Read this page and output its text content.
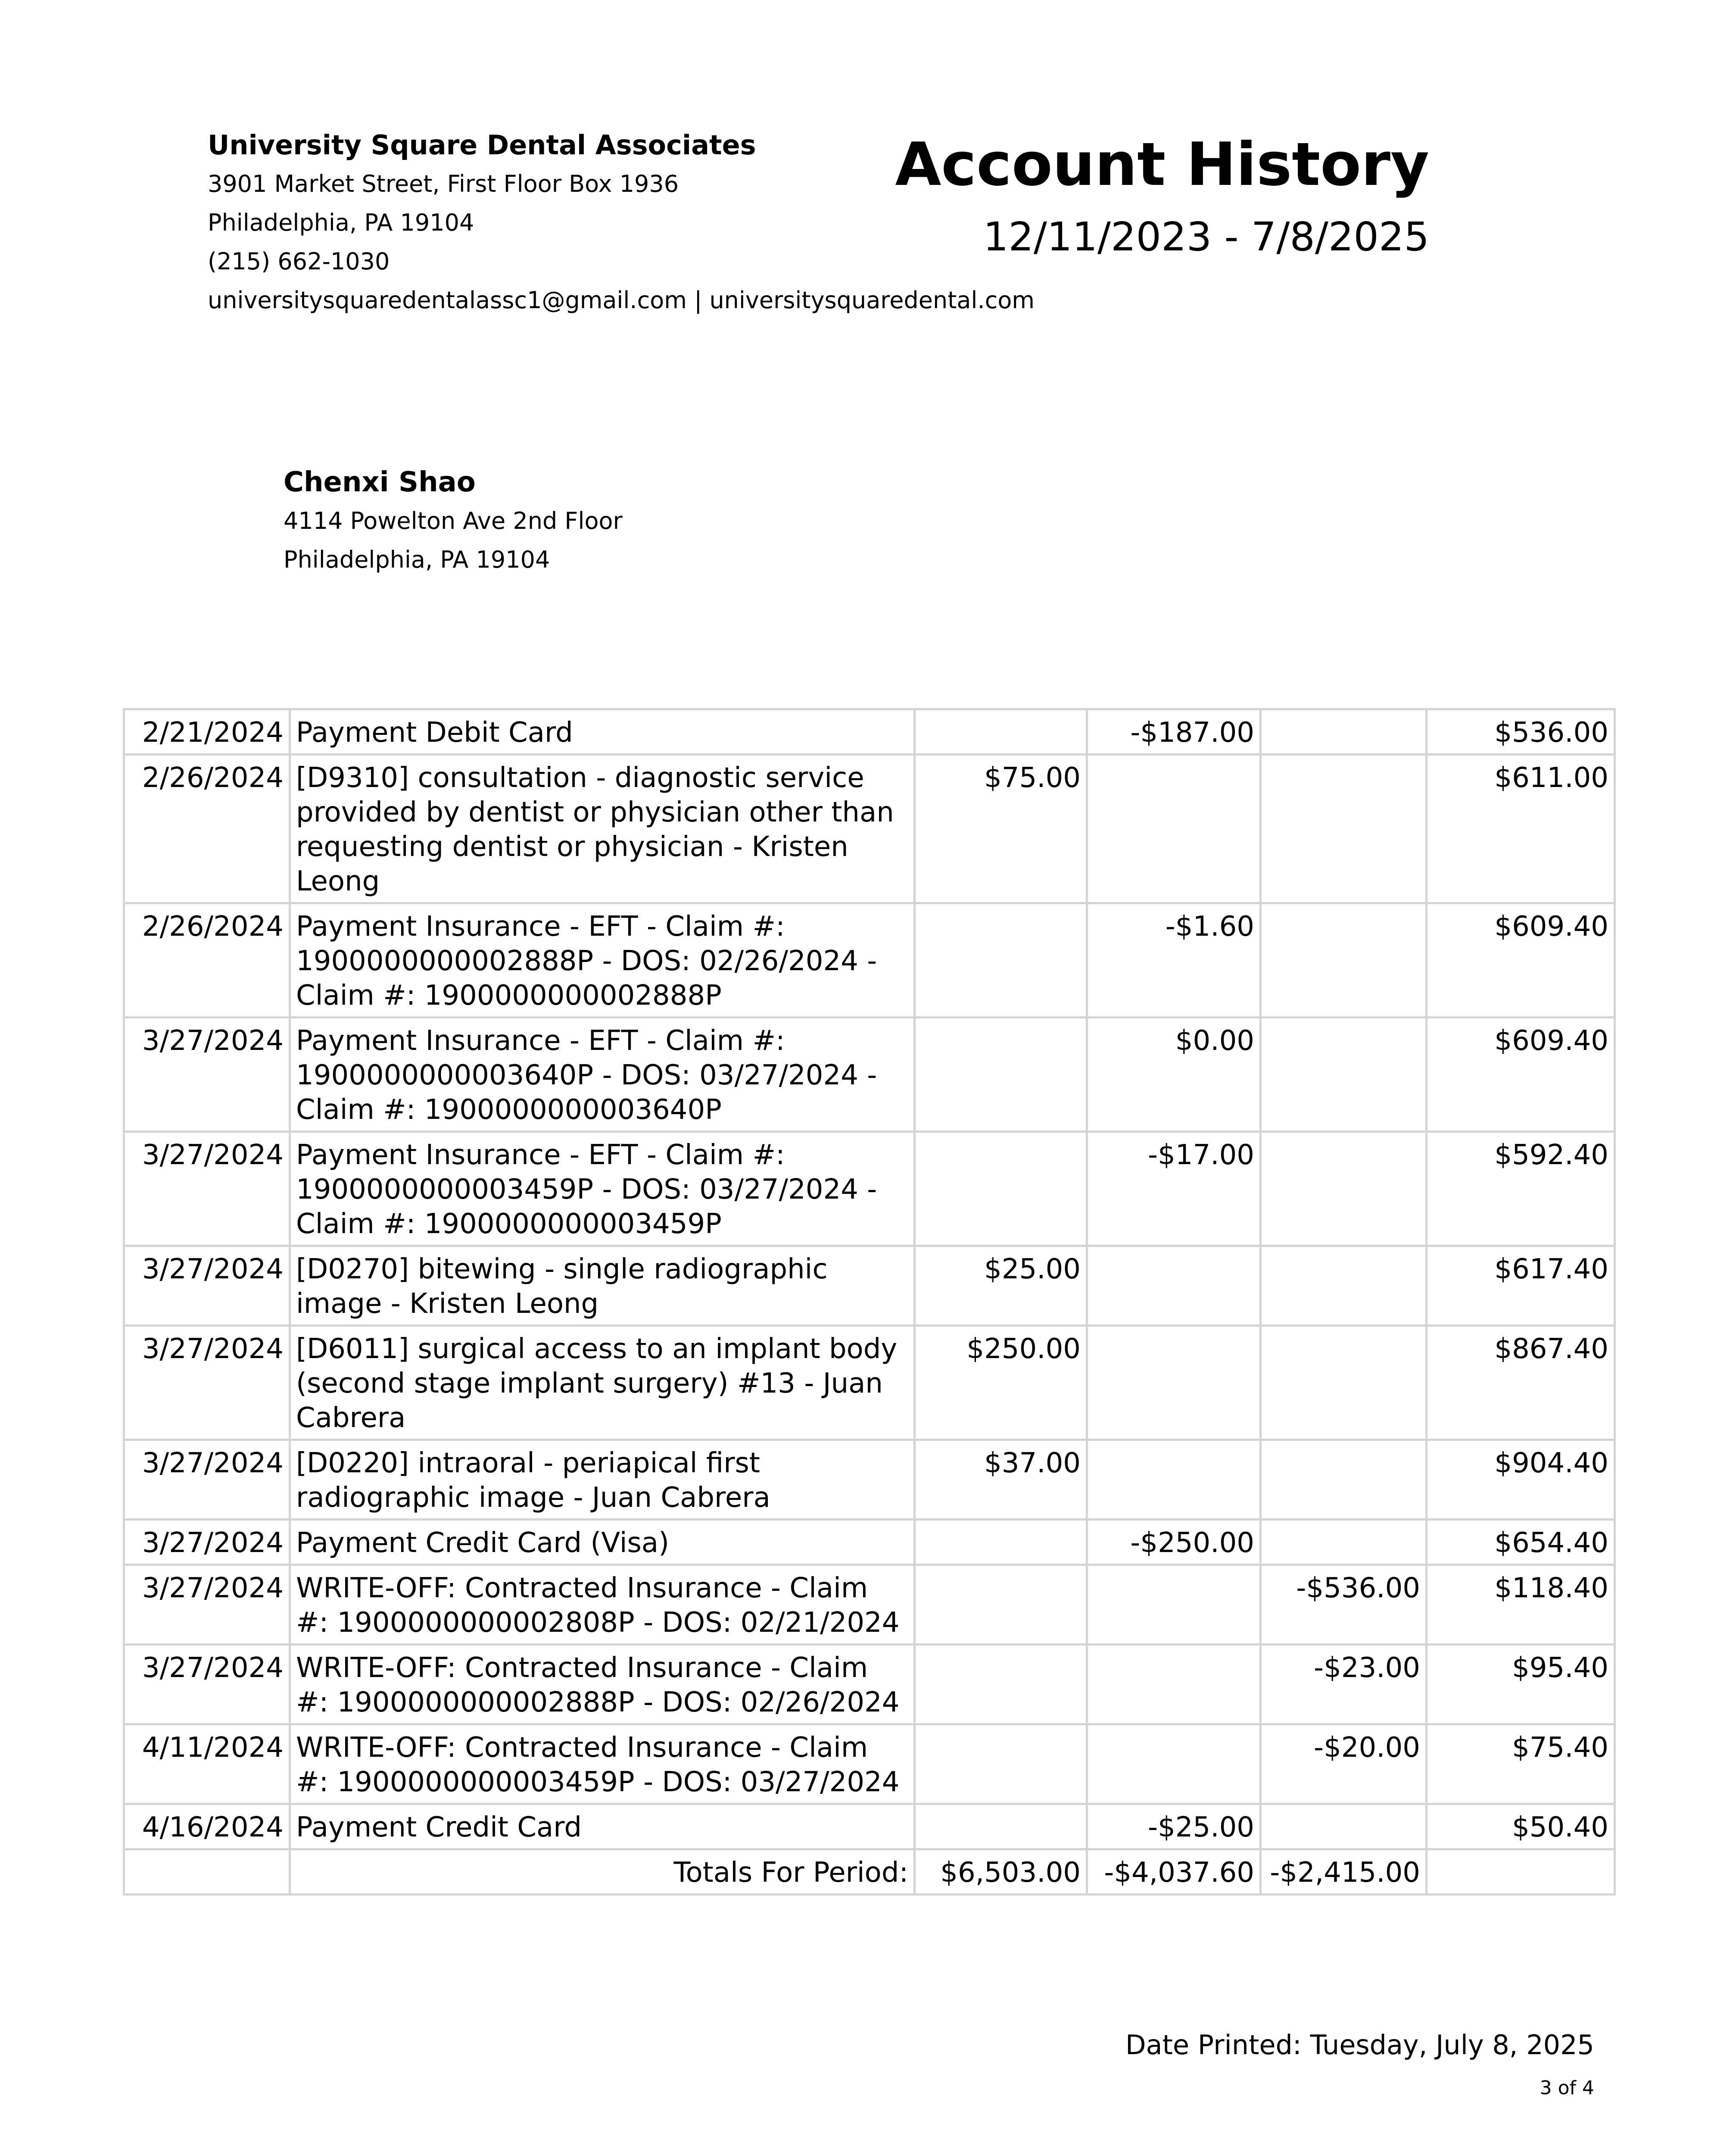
University Square Dental Associates
3901 Market Street, First Floor Box 1936
Philadelphia, PA 19104
(215) 662-1030
universitysquaredentalassc1@gmail.com | universitysquaredental.com
Account History
12/11/2023 - 7/8/2025
Chenxi Shao
4114 Powelton Ave 2nd Floor
Philadelphia, PA 19104
2/21/2024	Payment Debit Card		-$187.00		$536.00
2/26/2024	[D9310] consultation - diagnostic service provided by dentist or physician other than requesting dentist or physician - Kristen Leong	$75.00			$611.00
2/26/2024	Payment Insurance - EFT - Claim #: 1900000000002888P - DOS: 02/26/2024 - Claim #: 1900000000002888P		-$1.60		$609.40
3/27/2024	Payment Insurance - EFT - Claim #: 1900000000003640P - DOS: 03/27/2024 - Claim #: 1900000000003640P		$0.00		$609.40
3/27/2024	Payment Insurance - EFT - Claim #: 1900000000003459P - DOS: 03/27/2024 - Claim #: 1900000000003459P		-$17.00		$592.40
3/27/2024	[D0270] bitewing - single radiographic image - Kristen Leong	$25.00			$617.40
3/27/2024	[D6011] surgical access to an implant body (second stage implant surgery) #13 - Juan Cabrera	$250.00			$867.40
3/27/2024	[D0220] intraoral - periapical first radiographic image - Juan Cabrera	$37.00			$904.40
3/27/2024	Payment Credit Card (Visa)		-$250.00		$654.40
3/27/2024	WRITE-OFF: Contracted Insurance - Claim #: 1900000000002808P - DOS: 02/21/2024			-$536.00	$118.40
3/27/2024	WRITE-OFF: Contracted Insurance - Claim #: 1900000000002888P - DOS: 02/26/2024			-$23.00	$95.40
4/11/2024	WRITE-OFF: Contracted Insurance - Claim #: 1900000000003459P - DOS: 03/27/2024			-$20.00	$75.40
4/16/2024	Payment Credit Card		-$25.00		$50.40
	Totals For Period:	$6,503.00	-$4,037.60	-$2,415.00	
Date Printed: Tuesday, July 8, 2025
3 of 4
